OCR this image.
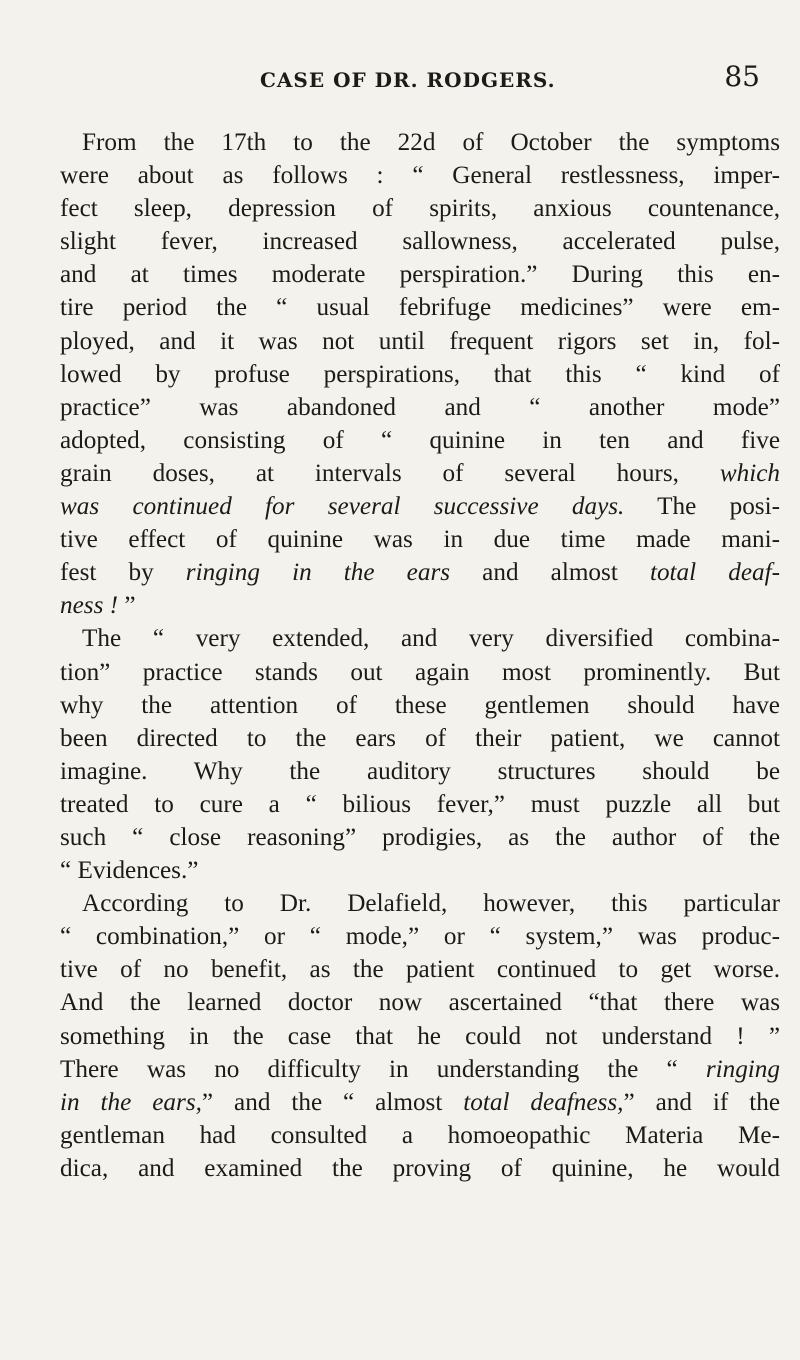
CASE OF DR. RODGERS.	85
From the 17th to the 22d of October the symptoms
were about as follows : “ General restlessness, imper-
fect sleep, depression of spirits, anxious countenance,
slight fever, increased sallowness, accelerated pulse,
and at times moderate perspiration.” During this en-
tire period the “ usual febrifuge medicines” were em-
ployed, and it was not until frequent rigors set in, fol-
lowed by profuse perspirations, that this “ kind of
practice” was abandoned and “ another mode”
adopted, consisting of “ quinine in ten and five
grain doses, at intervals of several hours, which
was continued for several successive days. The posi-
tive effect of quinine was in due time made mani-
fest by ringing in the ears and almost total deaf-
ness ! ”
The “ very extended, and very diversified combina-
tion” practice stands out again most prominently. But
why the attention of these gentlemen should have
been directed to the ears of their patient, we cannot
imagine. Why the auditory structures should be
treated to cure a “ bilious fever,” must puzzle all but
such “ close reasoning” prodigies, as the author of the
“ Evidences.”
According to Dr. Delafield, however, this particular
“ combination,” or “ mode,” or “ system,” was produc-
tive of no benefit, as the patient continued to get worse.
And the learned doctor now ascertained “that there was
something in the case that he could not understand ! ”
There was no difficulty in understanding the “ ringing
in the ears,” and the “ almost total deafness,” and if the
gentleman had consulted a homoeopathic Materia Me-
dica, and examined the proving of quinine, he would
